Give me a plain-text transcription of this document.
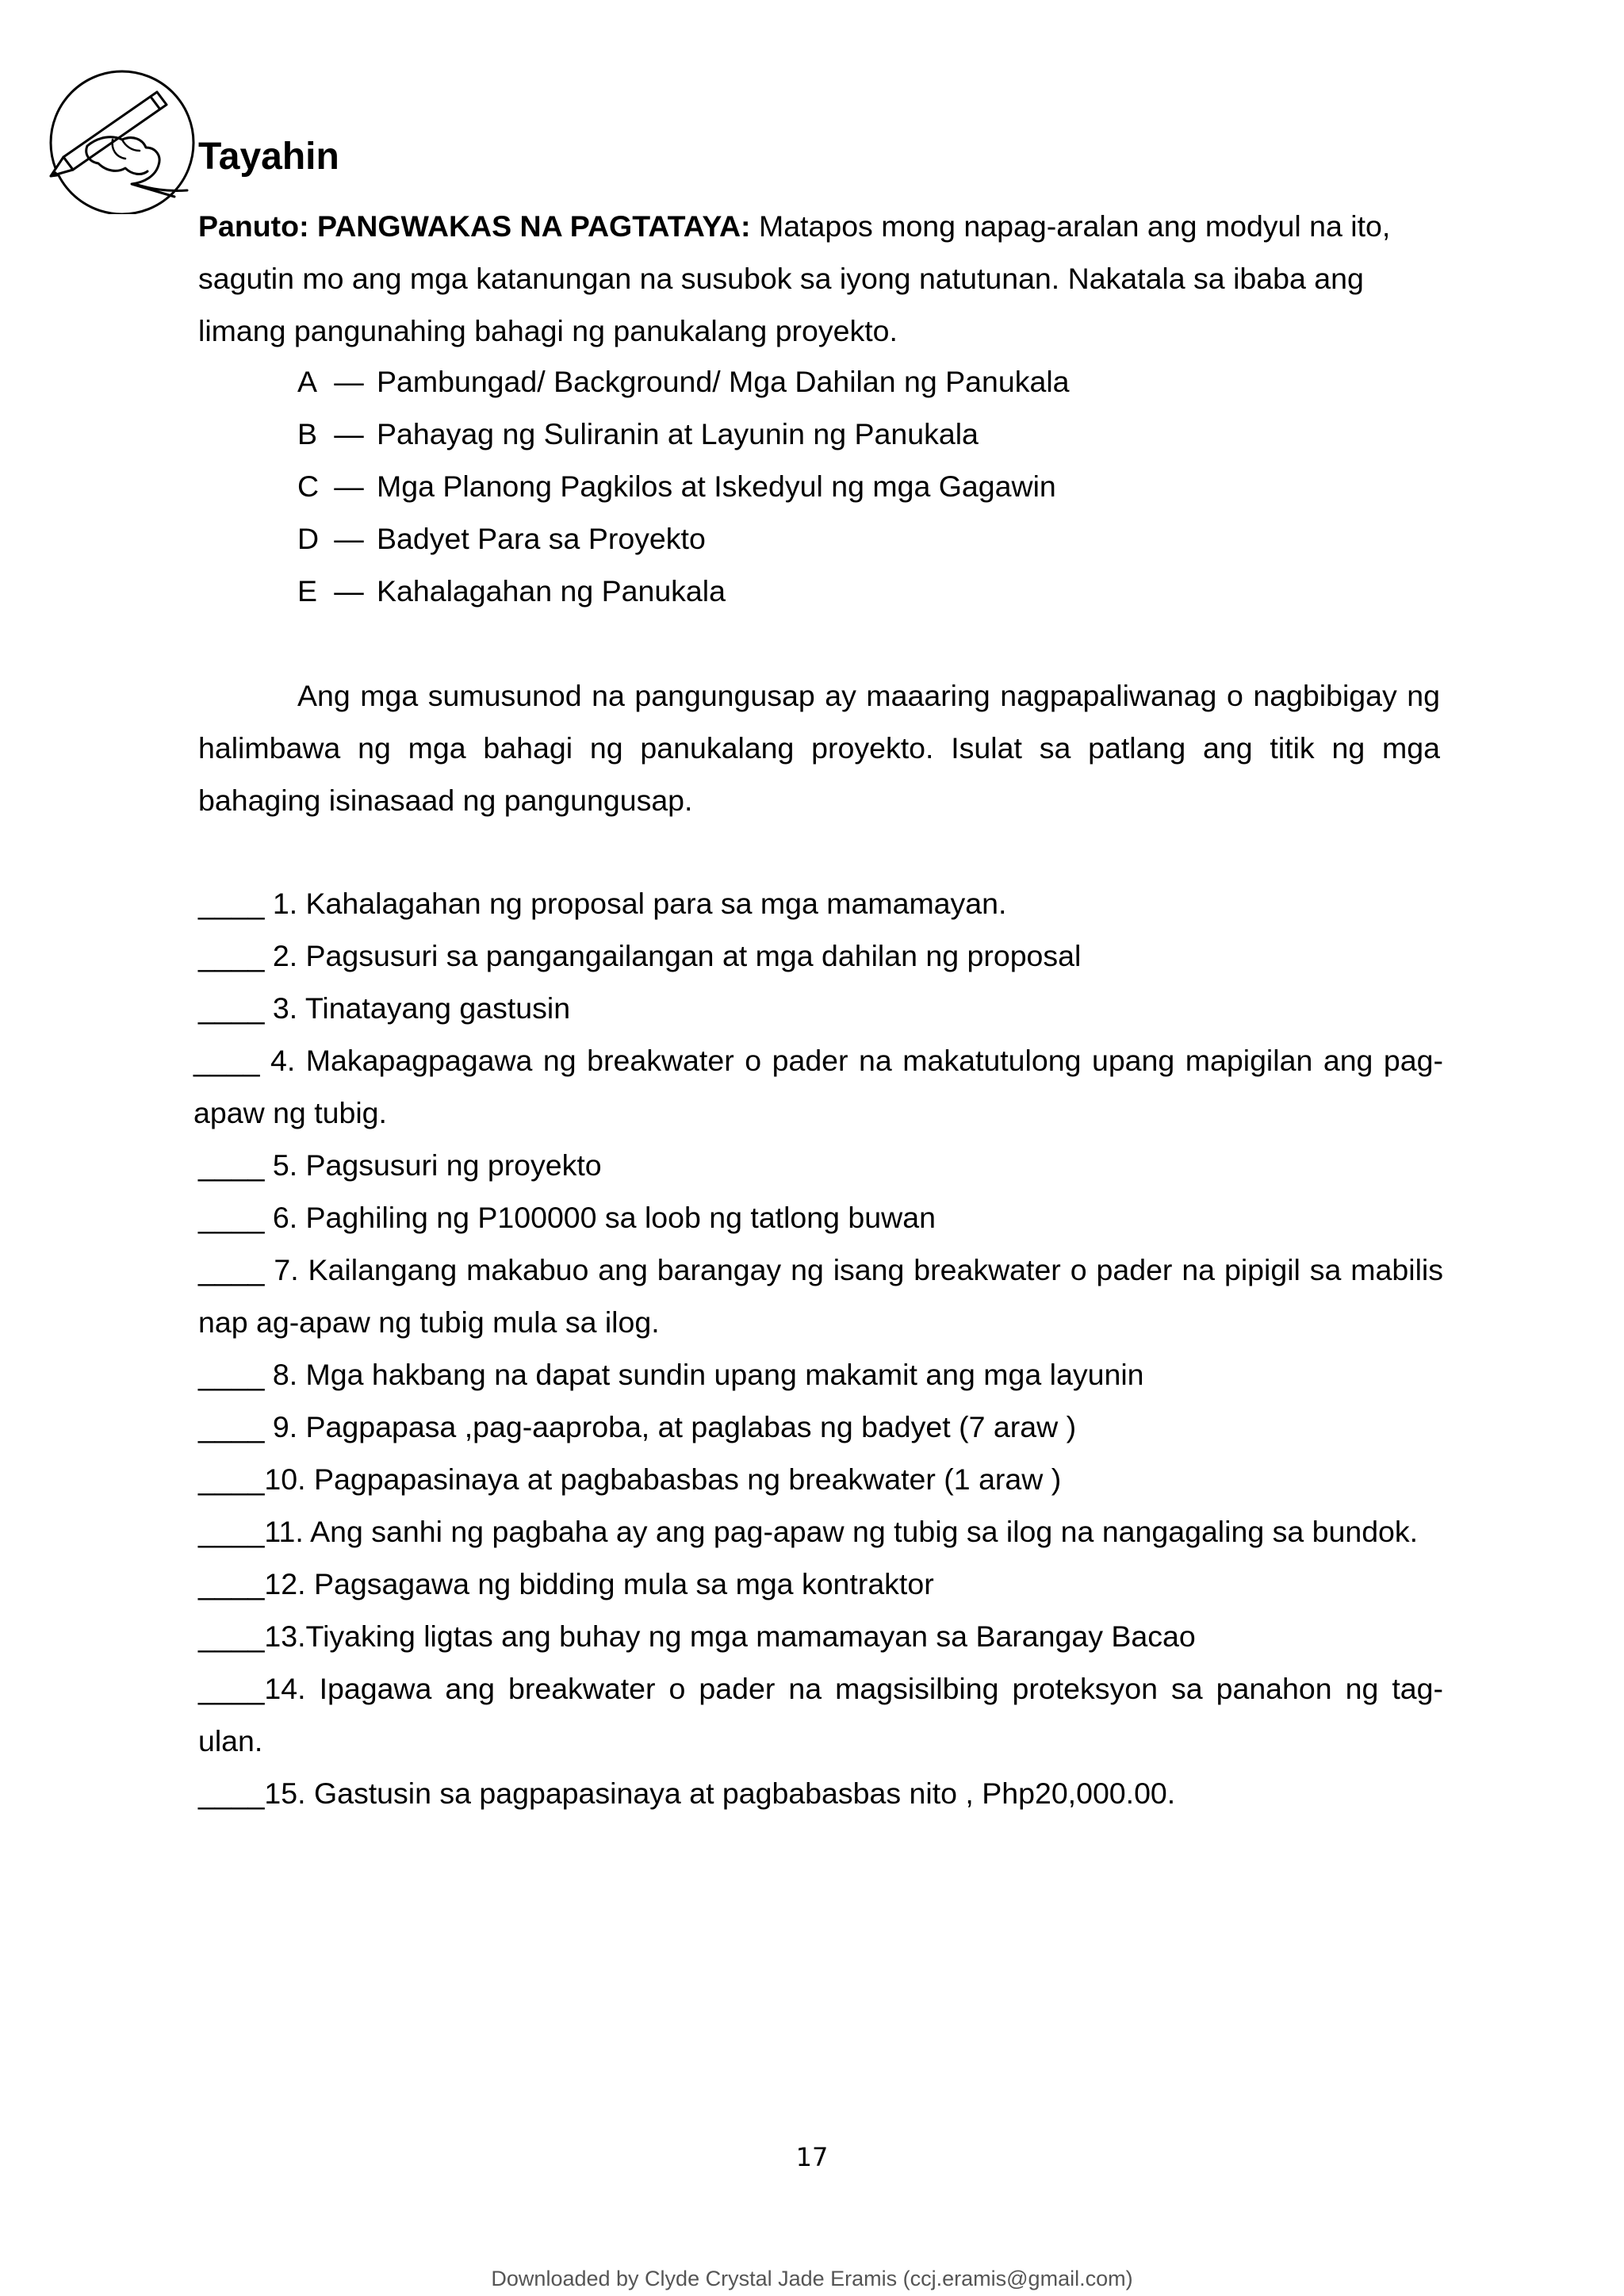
Tayahin
Panuto: PANGWAKAS NA PAGTATAYA: Matapos mong napag-aralan ang modyul na ito, sagutin mo ang mga katanungan na susubok sa iyong natutunan. Nakatala sa ibaba ang limang pangunahing bahagi ng panukalang proyekto.
A — Pambungad/ Background/ Mga Dahilan ng Panukala
B — Pahayag ng Suliranin at Layunin ng Panukala
C — Mga Planong Pagkilos at Iskedyul ng mga Gagawin
D — Badyet Para sa Proyekto
E — Kahalagahan ng Panukala
Ang mga sumusunod na pangungusap ay maaaring nagpapaliwanag o nagbibigay ng halimbawa ng mga bahagi ng panukalang proyekto. Isulat sa patlang ang titik ng mga bahaging isinasaad ng pangungusap.
____ 1. Kahalagahan ng proposal para sa mga mamamayan.
____ 2. Pagsusuri sa pangangailangan at mga dahilan ng proposal
____ 3. Tinatayang gastusin
____ 4. Makapagpagawa ng breakwater o pader na makatutulong upang mapigilan ang pag-apaw ng tubig.
____ 5. Pagsusuri ng proyekto
____ 6. Paghiling ng P100000 sa loob ng tatlong buwan
____ 7. Kailangang makabuo ang barangay ng isang breakwater o pader na pipigil sa mabilis nap ag-apaw ng tubig mula sa ilog.
____ 8. Mga hakbang na dapat sundin upang makamit ang mga layunin
____ 9. Pagpapasa ,pag-aaproba, at paglabas ng badyet (7 araw )
____10. Pagpapasinaya at pagbabasbas ng breakwater (1 araw )
____11. Ang sanhi ng pagbaha ay ang pag-apaw ng tubig sa ilog na nangagaling sa bundok.
____12. Pagsagawa ng bidding mula sa mga kontraktor
____13.Tiyaking ligtas ang buhay ng mga mamamayan sa Barangay Bacao
____14. Ipagawa ang breakwater o pader na magsisilbing proteksyon sa panahon ng tag-ulan.
____15. Gastusin sa pagpapasinaya at pagbabasbas nito , Php20,000.00.
17
Downloaded by Clyde Crystal Jade Eramis (ccj.eramis@gmail.com)
